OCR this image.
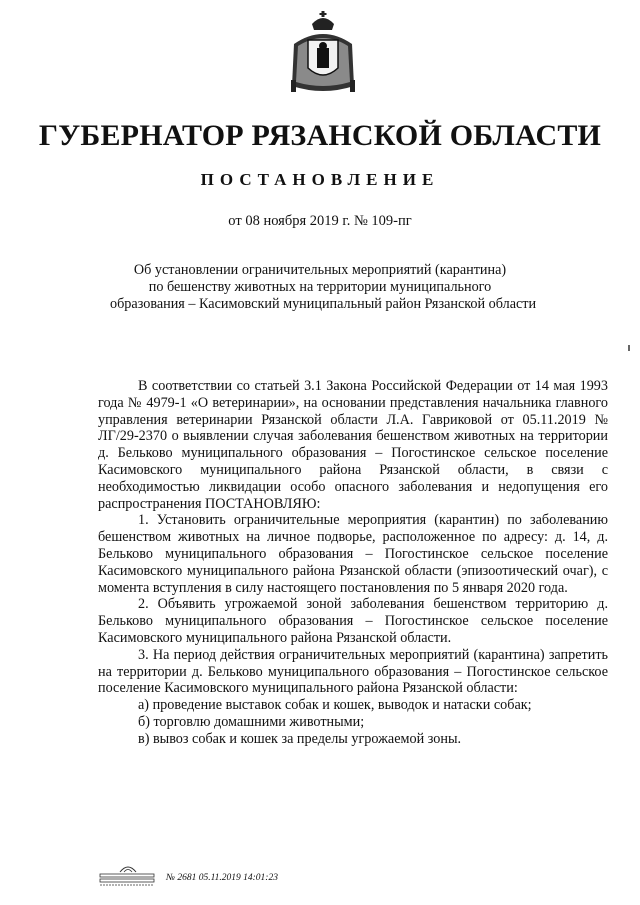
ГУБЕРНАТОР РЯЗАНСКОЙ ОБЛАСТИ
ПОСТАНОВЛЕНИЕ
от 08 ноября 2019 г. № 109-пг
Об установлении ограничительных мероприятий (карантина)
по бешенству животных на территории муниципального
образования – Касимовский муниципальный район Рязанской области

В соответствии со статьей 3.1 Закона Российской Федерации от 14 мая 1993 года № 4979-1 «О ветеринарии», на основании представления начальника главного управления ветеринарии Рязанской области Л.А. Гавриковой от 05.11.2019 № ЛГ/29-2370 о выявлении случая заболевания бешенством животных на территории д. Бельково муниципального образования – Погостинское сельское поселение Касимовского муниципального района Рязанской области, в связи с необходимостью ликвидации особо опасного заболевания и недопущения его распространения ПОСТАНОВЛЯЮ:

1. Установить ограничительные мероприятия (карантин) по заболеванию бешенством животных на личное подворье, расположенное по адресу: д. 14, д. Бельково муниципального образования – Погостинское сельское поселение Касимовского муниципального района Рязанской области (эпизоотический очаг), с момента вступления в силу настоящего постановления по 5 января 2020 года.

2. Объявить угрожаемой зоной заболевания бешенством территорию д. Бельково муниципального образования – Погостинское сельское поселение Касимовского муниципального района Рязанской области.

3. На период действия ограничительных мероприятий (карантина) запретить на территории д. Бельково муниципального образования – Погостинское сельское поселение Касимовского муниципального района Рязанской области:

а) проведение выставок собак и кошек, выводок и натаски собак;

б) торговлю домашними животными;

в) вывоз собак и кошек за пределы угрожаемой зоны.

№ 2681 05.11.2019 14:01:23
